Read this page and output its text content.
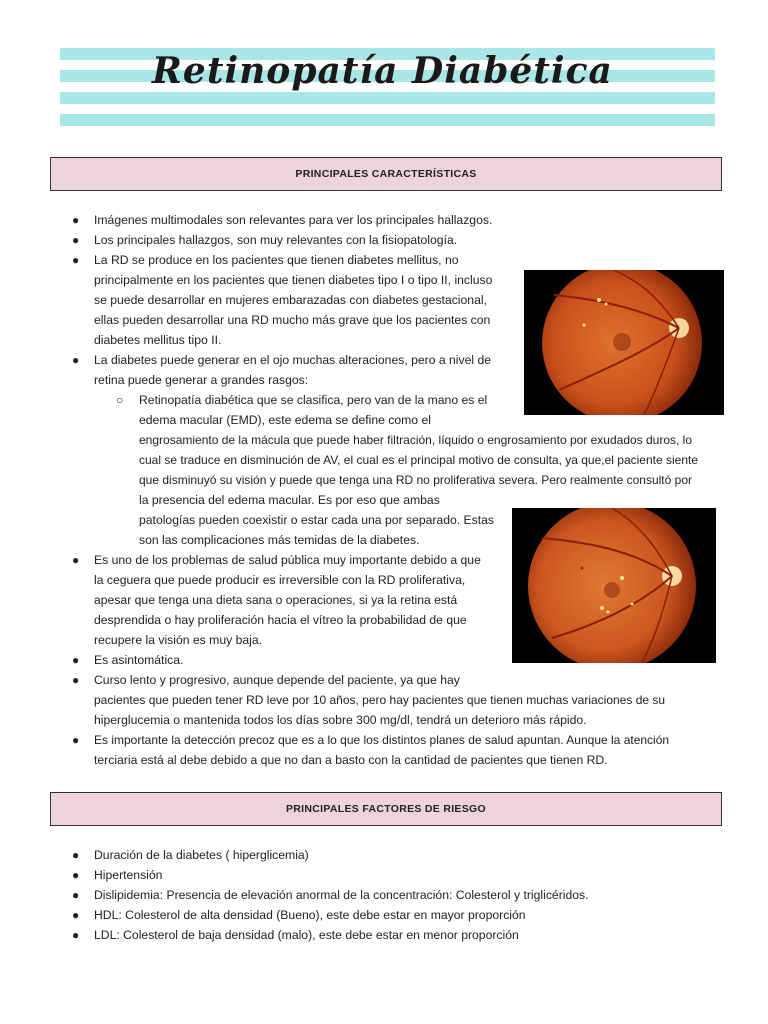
Retinopatía Diabética
PRINCIPALES CARACTERÍSTICAS
PRINCIPALES FACTORES DE RIESGO
● Imágenes multimodales son relevantes para ver los principales hallazgos.
● Los principales hallazgos, son muy relevantes con la fisiopatología.
● La RD se produce en los pacientes que tienen diabetes mellitus, no
principalmente en los pacientes que tienen diabetes tipo I o tipo II, incluso
se puede desarrollar en mujeres embarazadas con diabetes gestacional,
ellas pueden desarrollar una RD mucho más grave que los pacientes con
diabetes mellitus tipo II.
● La diabetes puede generar en el ojo muchas alteraciones, pero a nivel de
retina puede generar a grandes rasgos:
○ Retinopatía diabética que se clasifica, pero van de la mano es el
edema macular (EMD), este edema se define como el
engrosamiento de la mácula que puede haber filtración, líquido o engrosamiento por exudados duros, lo
cual se traduce en disminución de AV, el cual es el principal motivo de consulta, ya que,el paciente siente
que disminuyó su visión y puede que tenga una RD no proliferativa severa. Pero realmente consultó por
la presencia del edema macular. Es por eso que ambas
patologías pueden coexistir o estar cada una por separado. Estas
son las complicaciones más temidas de la diabetes.
● Es uno de los problemas de salud pública muy importante debido a que
la ceguera que puede producir es irreversible con la RD proliferativa,
apesar que tenga una dieta sana o operaciones, si ya la retina está
desprendida o hay proliferación hacia el vítreo la probabilidad de que
recupere la visión es muy baja.
● Es asintomática.
● Curso lento y progresivo, aunque depende del paciente, ya que hay
pacientes que pueden tener RD leve por 10 años, pero hay pacientes que tienen muchas variaciones de su
hiperglucemia o mantenida todos los días sobre 300 mg/dl, tendrá un deterioro más rápido.
● Es importante la detección precoz que es a lo que los distintos planes de salud apuntan. Aunque la atención
terciaria está al debe debido a que no dan a basto con la cantidad de pacientes que tienen RD.
● Duración de la diabetes ( hiperglicemia)
● Hipertensión
● Dislipidemia: Presencia de elevación anormal de la concentración: Colesterol y triglicéridos.
● HDL: Colesterol de alta densidad (Bueno), este debe estar en mayor proporción
● LDL: Colesterol de baja densidad (malo), este debe estar en menor proporción
